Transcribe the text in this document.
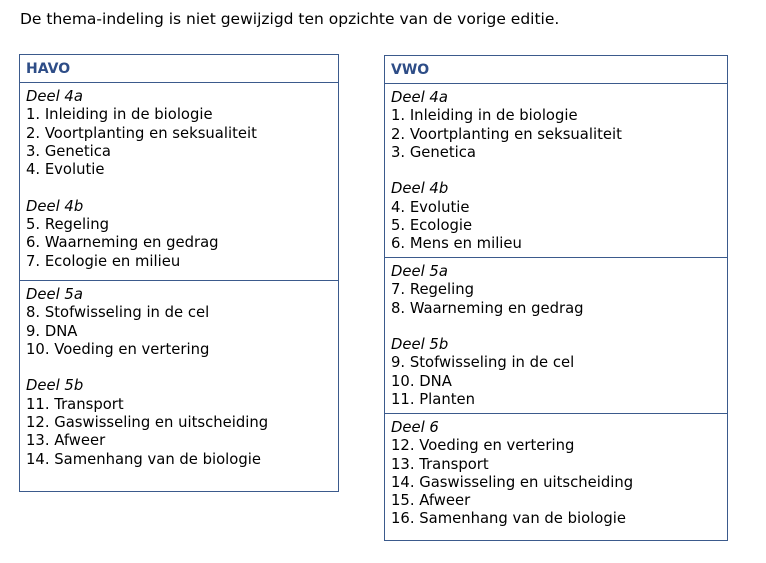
De thema-indeling is niet gewijzigd ten opzichte van de vorige editie.
HAVO
Deel 4a
1. Inleiding in de biologie
2. Voortplanting en seksualiteit
3. Genetica
4. Evolutie
Deel 4b
5. Regeling
6. Waarneming en gedrag
7. Ecologie en milieu
Deel 5a
8. Stofwisseling in de cel
9. DNA
10. Voeding en vertering
Deel 5b
11. Transport
12. Gaswisseling en uitscheiding
13. Afweer
14. Samenhang van de biologie
VWO
Deel 4a
1. Inleiding in de biologie
2. Voortplanting en seksualiteit
3. Genetica
Deel 4b
4. Evolutie
5. Ecologie
6. Mens en milieu
Deel 5a
7. Regeling
8. Waarneming en gedrag
Deel 5b
9. Stofwisseling in de cel
10. DNA
11. Planten
Deel 6
12. Voeding en vertering
13. Transport
14. Gaswisseling en uitscheiding
15. Afweer
16. Samenhang van de biologie
